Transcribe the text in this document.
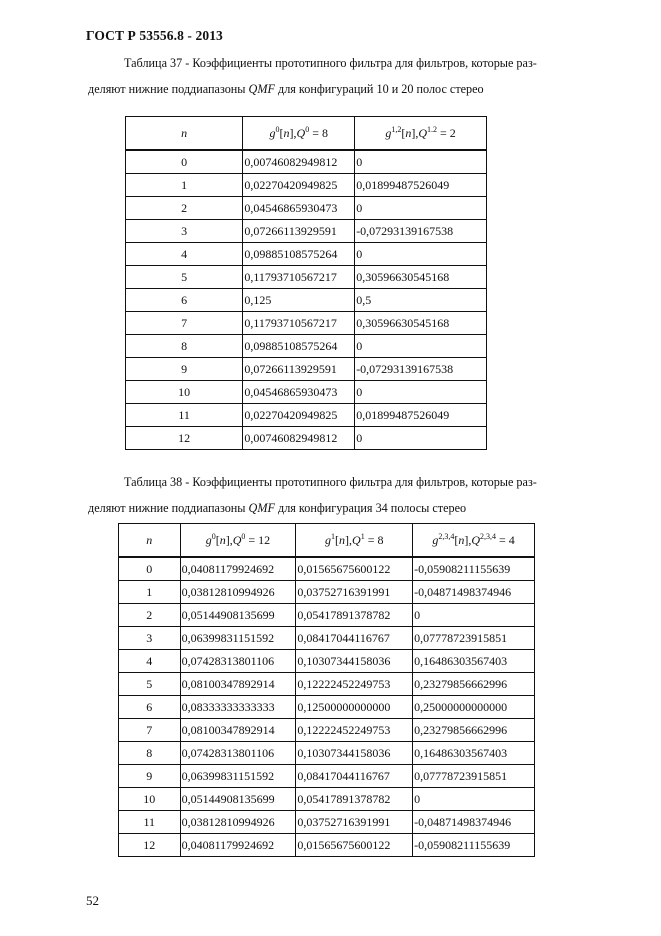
ГОСТ Р 53556.8 - 2013
Таблица 37 - Коэффициенты прототипного фильтра для фильтров, которые раз-
деляют нижние поддиапазоны QMF для конфигураций 10 и 20 полос стерео
n	$g^0[n],Q^0 = 8$	$g^{1,2}[n],Q^{1.2} = 2$
0	0,00746082949812	0
1	0,02270420949825	0,01899487526049
2	0,04546865930473	0
3	0,07266113929591	-0,07293139167538
4	0,09885108575264	0
5	0,11793710567217	0,30596630545168
6	0,125	0,5
7	0,11793710567217	0,30596630545168
8	0,09885108575264	0
9	0,07266113929591	-0,07293139167538
10	0,04546865930473	0
11	0,02270420949825	0,01899487526049
12	0,00746082949812	0
Таблица 38 - Коэффициенты прототипного фильтра для фильтров, которые раз-
деляют нижние поддиапазоны QMF для конфигурация 34 полосы стерео
n	$g^0[n],Q^0 = 12$	$g^1[n],Q^1 = 8$	$g^{2,3,4}[n],Q^{2,3,4} = 4$
0	0,04081179924692	0,01565675600122	-0,05908211155639
1	0,03812810994926	0,03752716391991	-0,04871498374946
2	0,05144908135699	0,05417891378782	0
3	0,06399831151592	0,08417044116767	0,07778723915851
4	0,07428313801106	0,10307344158036	0,16486303567403
5	0,08100347892914	0,12222452249753	0,23279856662996
6	0,08333333333333	0,12500000000000	0,25000000000000
7	0,08100347892914	0,12222452249753	0,23279856662996
8	0,07428313801106	0,10307344158036	0,16486303567403
9	0,06399831151592	0,08417044116767	0,07778723915851
10	0,05144908135699	0,05417891378782	0
11	0,03812810994926	0,03752716391991	-0,04871498374946
12	0,04081179924692	0,01565675600122	-0,05908211155639
52
